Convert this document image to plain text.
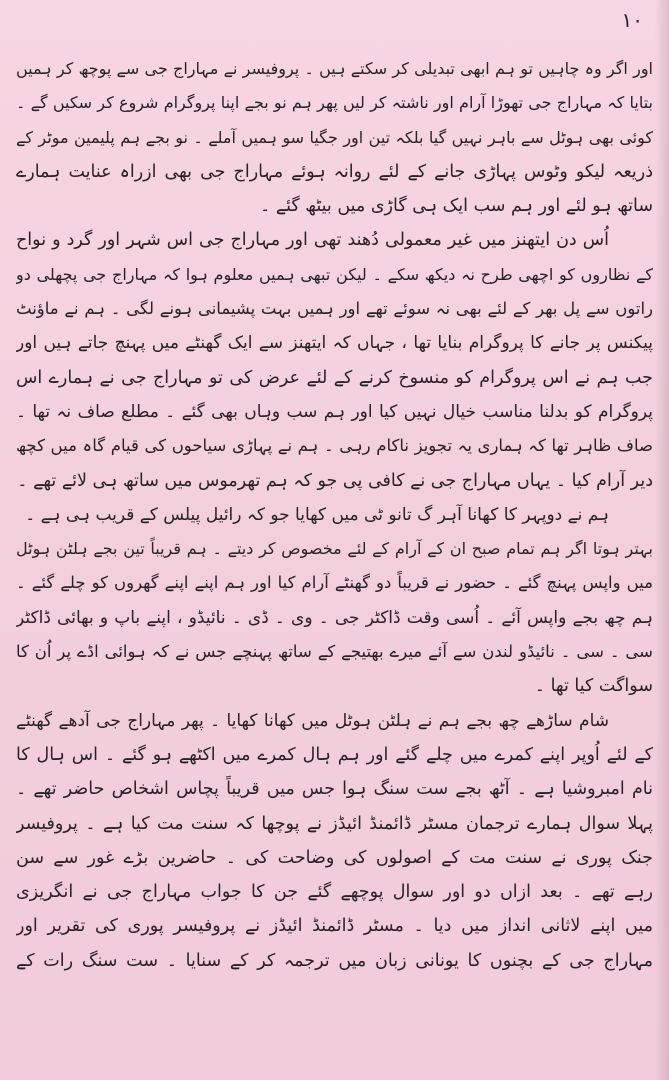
۱۰
اور اگر وہ چاہیں تو ہم ابھی تبدیلی کر سکتے ہیں ۔ پروفیسر نے مہاراج جی سے پوچھ کر ہمیں
بتایا کہ مہاراج جی تھوڑا آرام اور ناشتہ کر لیں پھر ہم نو بجے اپنا پروگرام شروع کر سکیں گے ۔
کوئی بھی ہوٹل سے باہر نہیں گیا بلکہ تین اور جگیا سو ہمیں آملے ۔ نو بجے ہم پلیمین موٹر کے
ذریعہ لیکو وٹوس پہاڑی جانے کے لئے روانہ ہوئے مہاراج جی بھی ازراہ عنایت ہمارے
ساتھ ہو لئے اور ہم سب ایک ہی گاڑی میں بیٹھ گئے ۔
اُس دن ایتھنز میں غیر معمولی دُھند تھی اور مہاراج جی اس شہر اور گرد و نواح
کے نظاروں کو اچھی طرح نہ دیکھ سکے ۔ لیکن تبھی ہمیں معلوم ہوا کہ مہاراج جی پچھلی دو
راتوں سے پل بھر کے لئے بھی نہ سوئے تھے اور ہمیں بہت پشیمانی ہونے لگی ۔ ہم نے ماؤنٹ
پیکنس پر جانے کا پروگرام بنایا تھا ، جہاں کہ ایتھنز سے ایک گھنٹے میں پہنچ جاتے ہیں اور
جب ہم نے اس پروگرام کو منسوخ کرنے کے لئے عرض کی تو مہاراج جی نے ہمارے اس
پروگرام کو بدلنا مناسب خیال نہیں کیا اور ہم سب وہاں بھی گئے ۔ مطلع صاف نہ تھا ۔
صاف ظاہر تھا کہ ہماری یہ تجویز ناکام رہی ۔ ہم نے پہاڑی سیاحوں کی قیام گاہ میں کچھ
دیر آرام کیا ۔ یہاں مہاراج جی نے کافی پی جو کہ ہم تھرموس میں ساتھ ہی لائے تھے ۔
ہم نے دوپہر کا کھانا آہر گ تانو ٹی میں کھایا جو کہ رائیل پیلس کے قریب ہی ہے ۔
بہتر ہوتا اگر ہم تمام صبح ان کے آرام کے لئے مخصوص کر دیتے ۔ ہم قریباً تین بجے ہلٹن ہوٹل
میں واپس پہنچ گئے ۔ حضور نے قریباً دو گھنٹے آرام کیا اور ہم اپنے اپنے گھروں کو چلے گئے ۔
ہم چھ بجے واپس آئے ۔ اُسی وقت ڈاکٹر جی ۔ وی ۔ ڈی ۔ نائیڈو ، اپنے باپ و بھائی ڈاکٹر
سی ۔ سی ۔ نائیڈو لندن سے آئے میرے بھتیجے کے ساتھ پہنچے جس نے کہ ہوائی اڈے پر اُن کا
سواگت کیا تھا ۔
شام ساڑھے چھ بجے ہم نے ہلٹن ہوٹل میں کھانا کھایا ۔ پھر مہاراج جی آدھے گھنٹے
کے لئے اُوپر اپنے کمرے میں چلے گئے اور ہم ہال کمرے میں اکٹھے ہو گئے ۔ اس ہال کا
نام امبروشیا ہے ۔ آٹھ بجے ست سنگ ہوا جس میں قریباً پچاس اشخاص حاضر تھے ۔
پہلا سوال ہمارے ترجمان مسٹر ڈائمنڈ ائیڈز نے پوچھا کہ سنت مت کیا ہے ۔ پروفیسر
جنک پوری نے سنت مت کے اصولوں کی وضاحت کی ۔ حاضرین بڑے غور سے سن
رہے تھے ۔ بعد ازاں دو اور سوال پوچھے گئے جن کا جواب مہاراج جی نے انگریزی
میں اپنے لاثانی انداز میں دیا ۔ مسٹر ڈائمنڈ ائیڈز نے پروفیسر پوری کی تقریر اور
مہاراج جی کے بچنوں کا یونانی زبان میں ترجمہ کر کے سنایا ۔ ست سنگ رات کے
